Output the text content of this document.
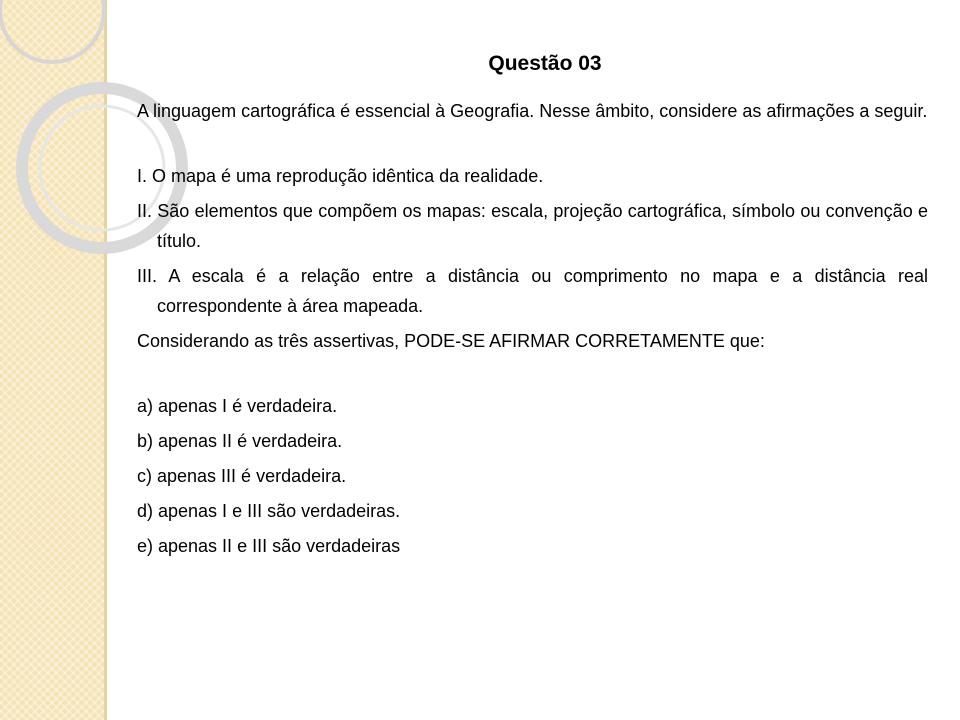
Questão 03

A linguagem cartográfica é essencial à Geografia. Nesse âmbito, considere as afirmações a seguir.

I. O mapa é uma reprodução idêntica da realidade.

II. São elementos que compõem os mapas: escala, projeção cartográfica, símbolo ou convenção e título.

III. A escala é a relação entre a distância ou comprimento no mapa e a distância real correspondente à área mapeada.

Considerando as três assertivas, PODE-SE AFIRMAR CORRETAMENTE que:

a) apenas I é verdadeira.

b) apenas II é verdadeira.

c) apenas III é verdadeira.

d) apenas I e III são verdadeiras.

e) apenas II e III são verdadeiras
